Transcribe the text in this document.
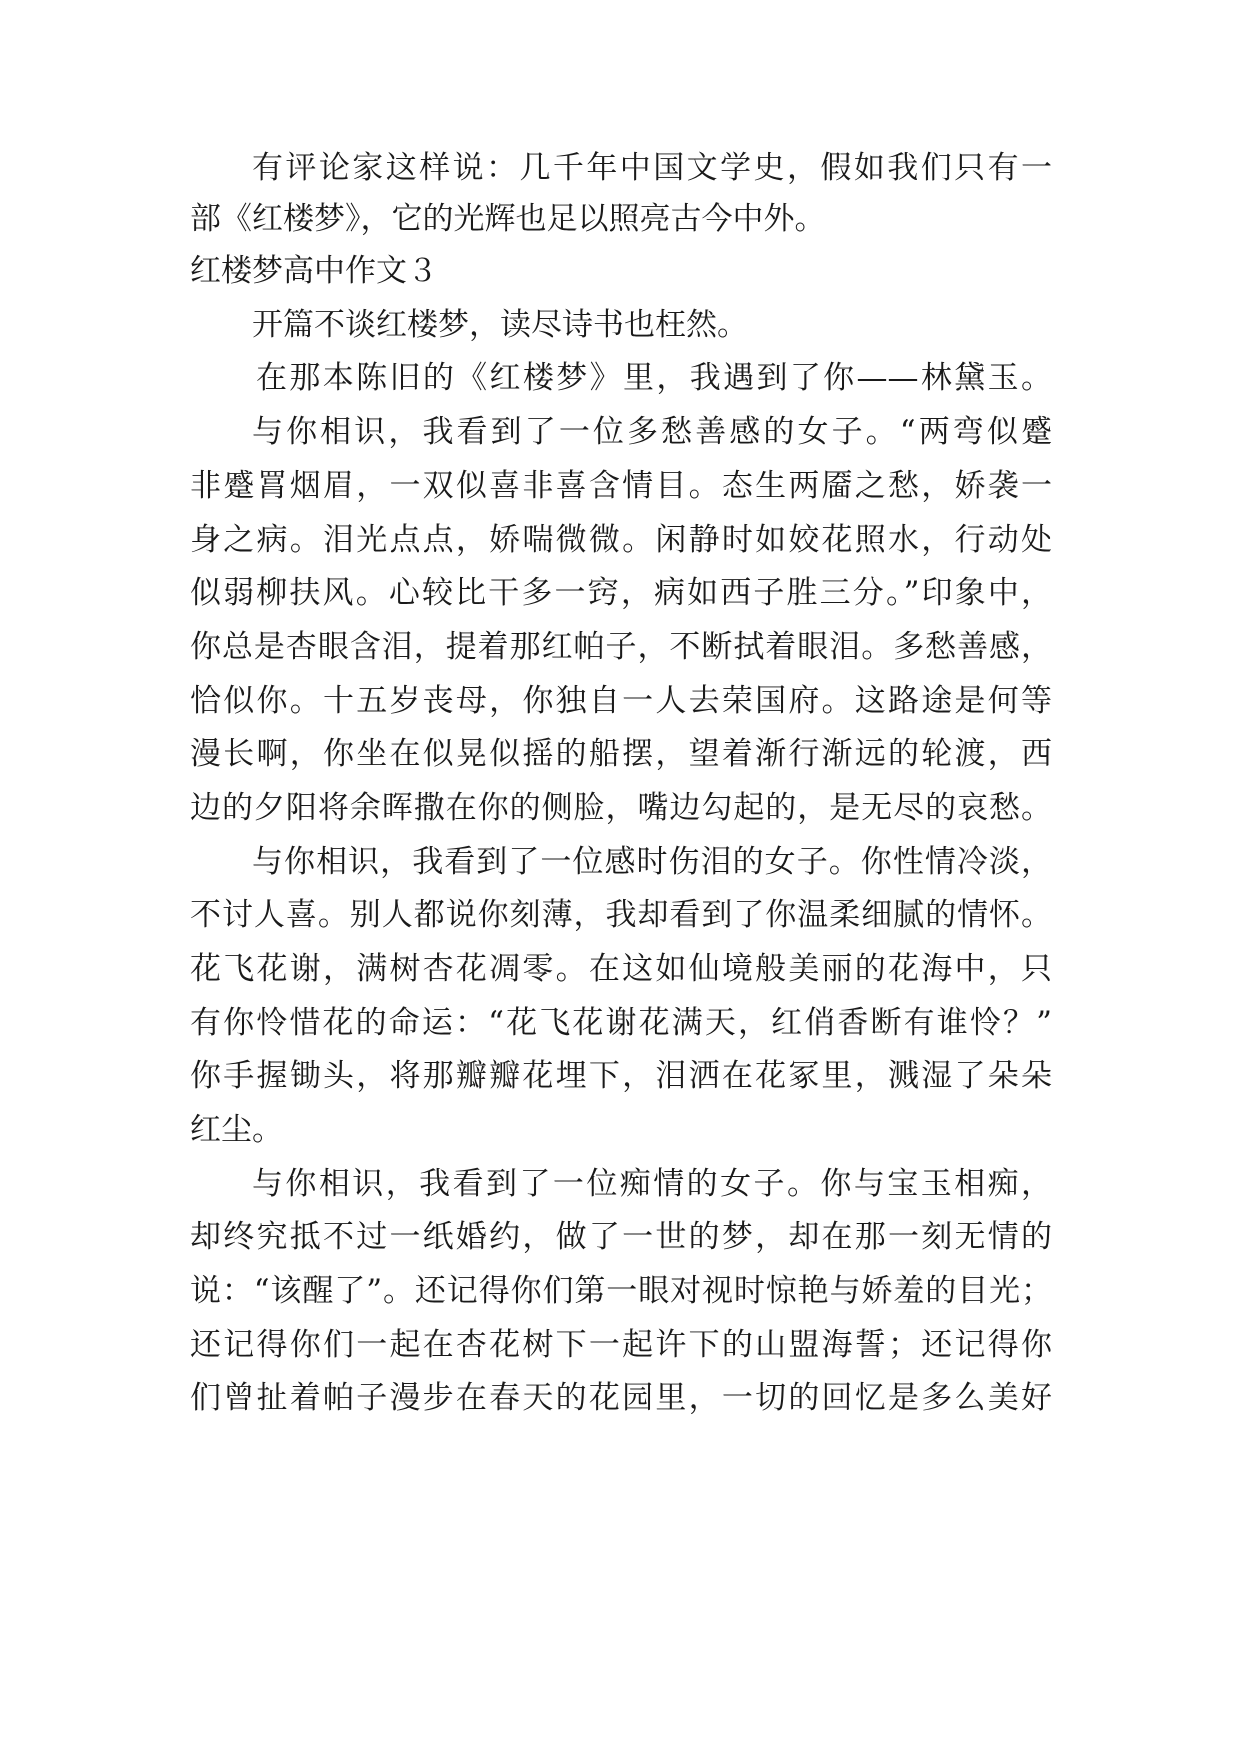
有评论家这样说：几千年中国文学史，假如我们只有一
部《红楼梦》，它的光辉也足以照亮古今中外。
红楼梦高中作文３
开篇不谈红楼梦，读尽诗书也枉然。
在那本陈旧的《红楼梦》里，我遇到了你——林黛玉。
与你相识，我看到了一位多愁善感的女子。“两弯似蹙
非蹙罥烟眉，一双似喜非喜含情目。态生两靥之愁，娇袭一
身之病。泪光点点，娇喘微微。闲静时如姣花照水，行动处
似弱柳扶风。心较比干多一窍，病如西子胜三分。”印象中，
你总是杏眼含泪，提着那红帕子，不断拭着眼泪。多愁善感，
恰似你。十五岁丧母，你独自一人去荣国府。这路途是何等
漫长啊，你坐在似晃似摇的船摆，望着渐行渐远的轮渡，西
边的夕阳将余晖撒在你的侧脸，嘴边勾起的，是无尽的哀愁。
与你相识，我看到了一位感时伤泪的女子。你性情冷淡，
不讨人喜。别人都说你刻薄，我却看到了你温柔细腻的情怀。
花飞花谢，满树杏花凋零。在这如仙境般美丽的花海中，只
有你怜惜花的命运：“花飞花谢花满天，红俏香断有谁怜？”
你手握锄头，将那瓣瓣花埋下，泪洒在花冢里，溅湿了朵朵
红尘。
与你相识，我看到了一位痴情的女子。你与宝玉相痴，
却终究抵不过一纸婚约，做了一世的梦，却在那一刻无情的
说：“该醒了”。还记得你们第一眼对视时惊艳与娇羞的目光；
还记得你们一起在杏花树下一起许下的山盟海誓；还记得你
们曾扯着帕子漫步在春天的花园里，一切的回忆是多么美好
